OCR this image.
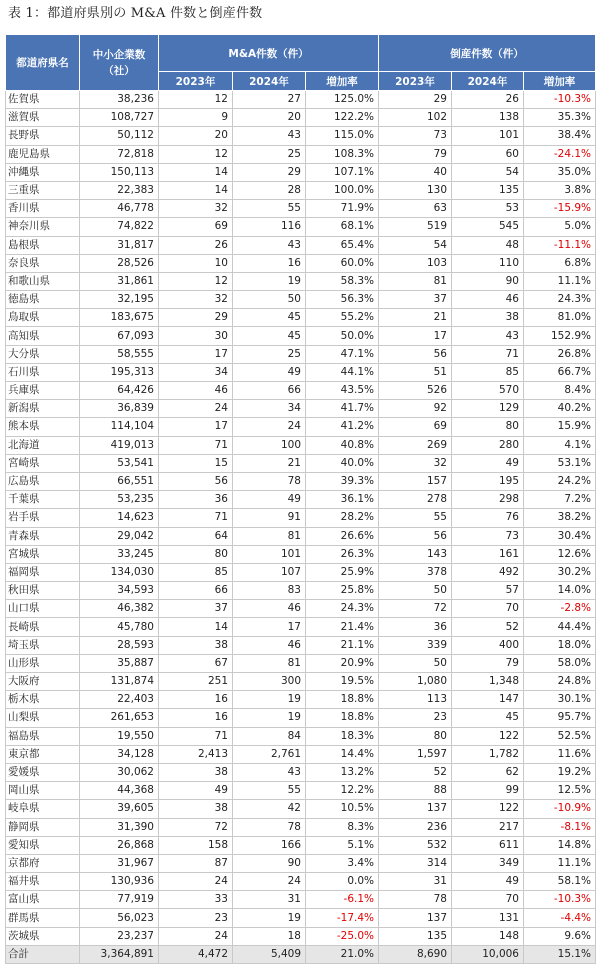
表 1：都道府県別の M&A 件数と倒産件数
都道府県名	中小企業数
（社）	M&A件数（件）			倒産件数（件）		
		2023年	2024年	増加率	2023年	2024年	増加率
佐賀県	38,236	12	27	125.0%	29	26	-10.3%
滋賀県	108,727	9	20	122.2%	102	138	35.3%
長野県	50,112	20	43	115.0%	73	101	38.4%
鹿児島県	72,818	12	25	108.3%	79	60	-24.1%
沖縄県	150,113	14	29	107.1%	40	54	35.0%
三重県	22,383	14	28	100.0%	130	135	3.8%
香川県	46,778	32	55	71.9%	63	53	-15.9%
神奈川県	74,822	69	116	68.1%	519	545	5.0%
島根県	31,817	26	43	65.4%	54	48	-11.1%
奈良県	28,526	10	16	60.0%	103	110	6.8%
和歌山県	31,861	12	19	58.3%	81	90	11.1%
徳島県	32,195	32	50	56.3%	37	46	24.3%
鳥取県	183,675	29	45	55.2%	21	38	81.0%
高知県	67,093	30	45	50.0%	17	43	152.9%
大分県	58,555	17	25	47.1%	56	71	26.8%
石川県	195,313	34	49	44.1%	51	85	66.7%
兵庫県	64,426	46	66	43.5%	526	570	8.4%
新潟県	36,839	24	34	41.7%	92	129	40.2%
熊本県	114,104	17	24	41.2%	69	80	15.9%
北海道	419,013	71	100	40.8%	269	280	4.1%
宮崎県	53,541	15	21	40.0%	32	49	53.1%
広島県	66,551	56	78	39.3%	157	195	24.2%
千葉県	53,235	36	49	36.1%	278	298	7.2%
岩手県	14,623	71	91	28.2%	55	76	38.2%
青森県	29,042	64	81	26.6%	56	73	30.4%
宮城県	33,245	80	101	26.3%	143	161	12.6%
福岡県	134,030	85	107	25.9%	378	492	30.2%
秋田県	34,593	66	83	25.8%	50	57	14.0%
山口県	46,382	37	46	24.3%	72	70	-2.8%
長崎県	45,780	14	17	21.4%	36	52	44.4%
埼玉県	28,593	38	46	21.1%	339	400	18.0%
山形県	35,887	67	81	20.9%	50	79	58.0%
大阪府	131,874	251	300	19.5%	1,080	1,348	24.8%
栃木県	22,403	16	19	18.8%	113	147	30.1%
山梨県	261,653	16	19	18.8%	23	45	95.7%
福島県	19,550	71	84	18.3%	80	122	52.5%
東京都	34,128	2,413	2,761	14.4%	1,597	1,782	11.6%
愛媛県	30,062	38	43	13.2%	52	62	19.2%
岡山県	44,368	49	55	12.2%	88	99	12.5%
岐阜県	39,605	38	42	10.5%	137	122	-10.9%
静岡県	31,390	72	78	8.3%	236	217	-8.1%
愛知県	26,868	158	166	5.1%	532	611	14.8%
京都府	31,967	87	90	3.4%	314	349	11.1%
福井県	130,936	24	24	0.0%	31	49	58.1%
富山県	77,919	33	31	-6.1%	78	70	-10.3%
群馬県	56,023	23	19	-17.4%	137	131	-4.4%
茨城県	23,237	24	18	-25.0%	135	148	9.6%
合計	3,364,891	4,472	5,409	21.0%	8,690	10,006	15.1%
